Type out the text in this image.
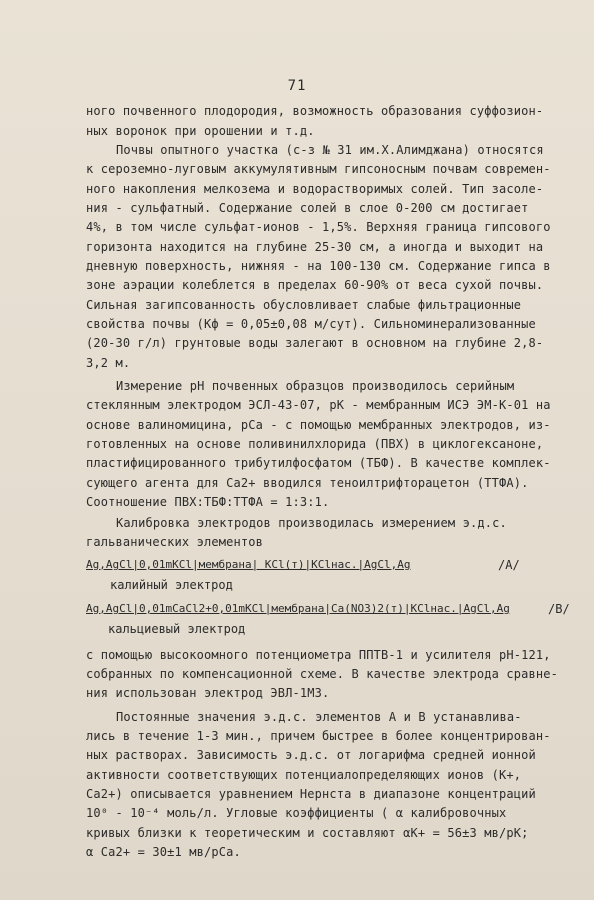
71
ного почвенного плодородия, возможность образования суффозион-
ных воронок при орошении и т.д.
Почвы опытного участка (с-з № 31 им.Х.Алимджана) относятся
к сероземно-луговым аккумулятивным гипсоносным почвам современ-
ного накопления мелкозема и водорастворимых солей. Тип засоле-
ния - сульфатный. Содержание солей в слое 0-200 см достигает
4%, в том числе сульфат-ионов - 1,5%. Верхняя граница гипсового
горизонта находится на глубине 25-30 см, а иногда и выходит на
дневную поверхность, нижняя - на 100-130 см. Содержание гипса в
зоне аэрации колеблется в пределах 60-90% от веса сухой почвы.
Сильная загипсованность обусловливает слабые фильтрационные
свойства почвы (Кф = 0,05±0,08 м/сут). Сильноминерализованные
(20-30 г/л) грунтовые воды залегают в основном на глубине 2,8-
3,2 м.
Измерение рН почвенных образцов производилось серийным
стеклянным электродом ЭСЛ-43-07, рК - мембранным ИСЭ ЭМ-К-01 на
основе валиномицина, рСа - с помощью мембранных электродов, из-
готовленных на основе поливинилхлорида (ПВХ) в циклогексаноне,
пластифицированного трибутилфосфатом (ТБФ). В качестве комплек-
сующего агента для Са2+ вводился теноилтрифторацетон (ТТФА).
Соотношение ПВХ:ТБФ:ТТФА = 1:3:1.
Калибровка электродов производилась измерением э.д.с.
гальванических элементов
Ag,AgCl|0,01mKCl|мембрана| KCl(т)|KClнас.|AgCl,Ag
калийный электрод
/A/
Ag,AgCl|0,01mCaCl2+0,01mKCl|мембрана|Ca(NO3)2(т)|KClнас.|AgCl,Ag
кальциевый электрод
/B/
с помощью высокоомного потенциометра ППТВ-1 и усилителя рН-121,
собранных по компенсационной схеме. В качестве электрода сравне-
ния использован электрод ЭВЛ-1М3.
Постоянные значения э.д.с. элементов А и В устанавлива-
лись в течение 1-3 мин., причем быстрее в более концентрирован-
ных растворах. Зависимость э.д.с. от логарифма средней ионной
активности соответствующих потенциалопределяющих ионов (К+,
Са2+) описывается уравнением Нернста в диапазоне концентраций
10⁰ - 10⁻⁴ моль/л. Угловые коэффициенты ( α калибровочных
кривых близки к теоретическим и составляют αК+ = 56±3 мв/рК;
α Са2+ = 30±1 мв/рСа.
